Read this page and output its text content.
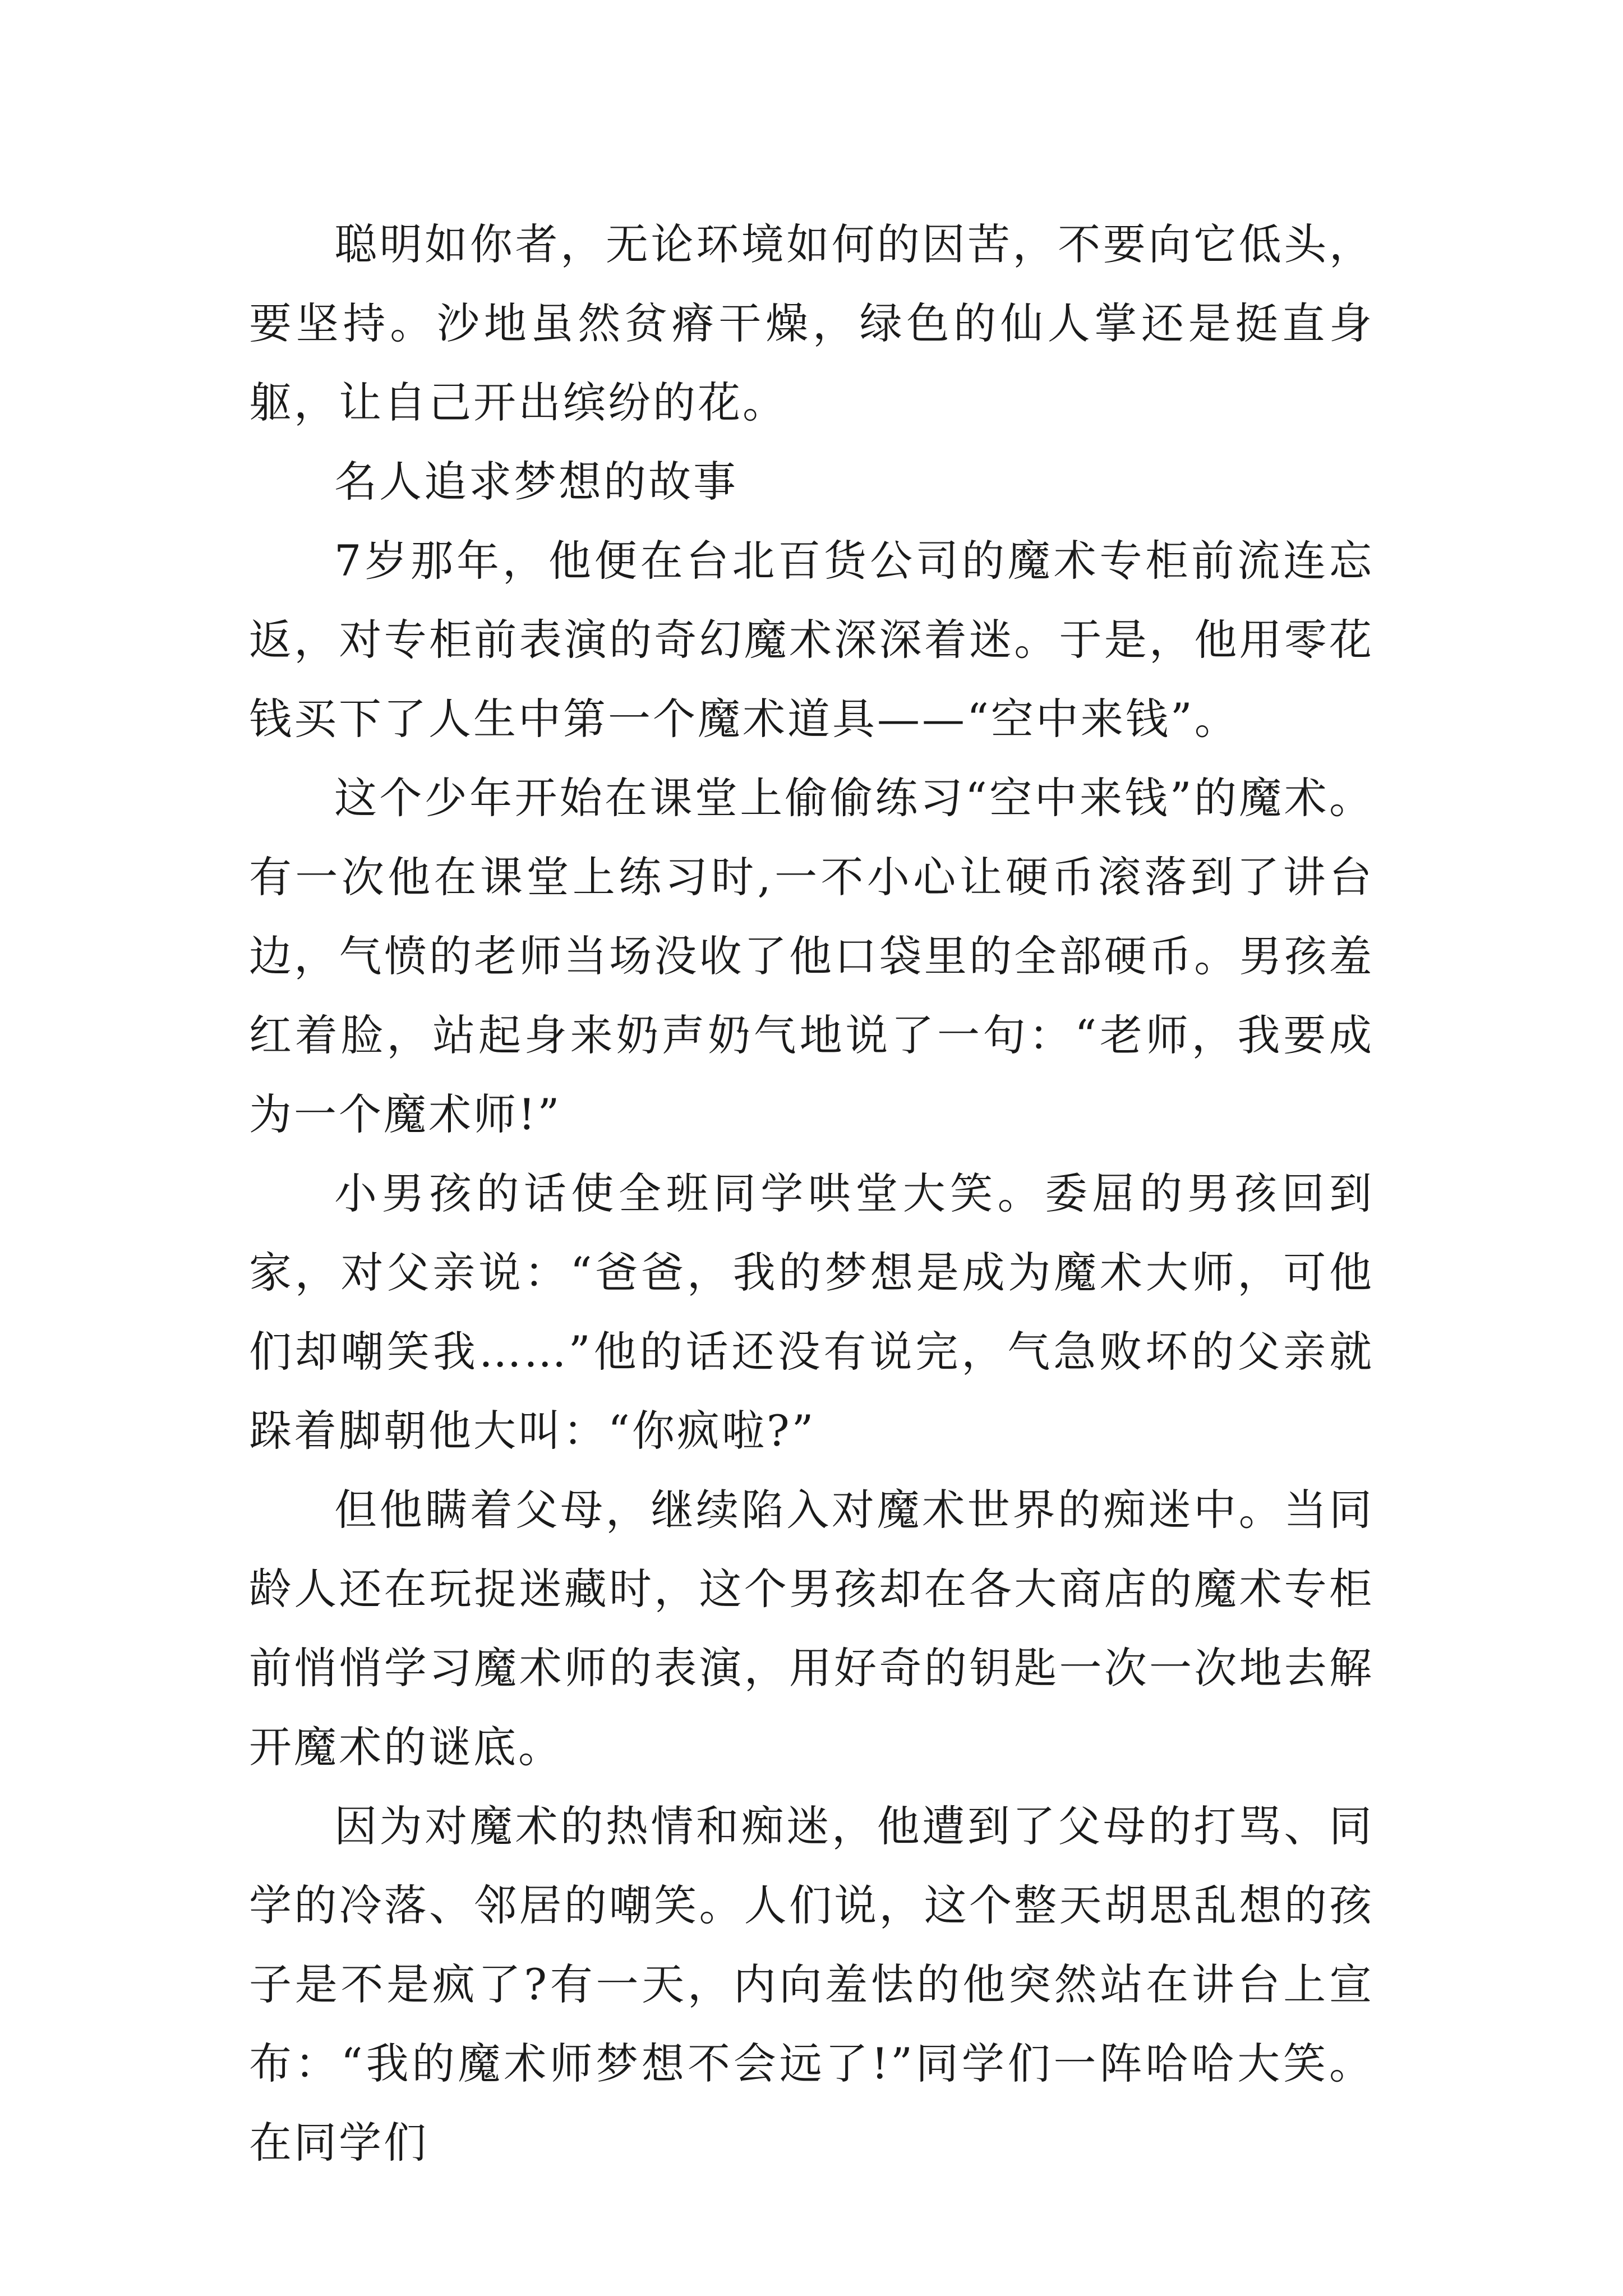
聪明如你者，无论环境如何的因苦，不要向它低头，要坚持。沙地虽然贫瘠干燥，绿色的仙人掌还是挺直身躯，让自己开出缤纷的花。

名人追求梦想的故事

7岁那年，他便在台北百货公司的魔术专柜前流连忘返，对专柜前表演的奇幻魔术深深着迷。于是，他用零花钱买下了人生中第一个魔术道具——“空中来钱”。

这个少年开始在课堂上偷偷练习“空中来钱”的魔术。有一次他在课堂上练习时,一不小心让硬币滚落到了讲台边，气愤的老师当场没收了他口袋里的全部硬币。男孩羞红着脸，站起身来奶声奶气地说了一句：“老师，我要成为一个魔术师!”

小男孩的话使全班同学哄堂大笑。委屈的男孩回到家，对父亲说：“爸爸，我的梦想是成为魔术大师，可他们却嘲笑我……”他的话还没有说完，气急败坏的父亲就跺着脚朝他大叫：“你疯啦?”

但他瞒着父母，继续陷入对魔术世界的痴迷中。当同龄人还在玩捉迷藏时，这个男孩却在各大商店的魔术专柜前悄悄学习魔术师的表演，用好奇的钥匙一次一次地去解开魔术的谜底。

因为对魔术的热情和痴迷，他遭到了父母的打骂、同学的冷落、邻居的嘲笑。人们说，这个整天胡思乱想的孩子是不是疯了?有一天，内向羞怯的他突然站在讲台上宣布：“我的魔术师梦想不会远了!”同学们一阵哈哈大笑。在同学们
